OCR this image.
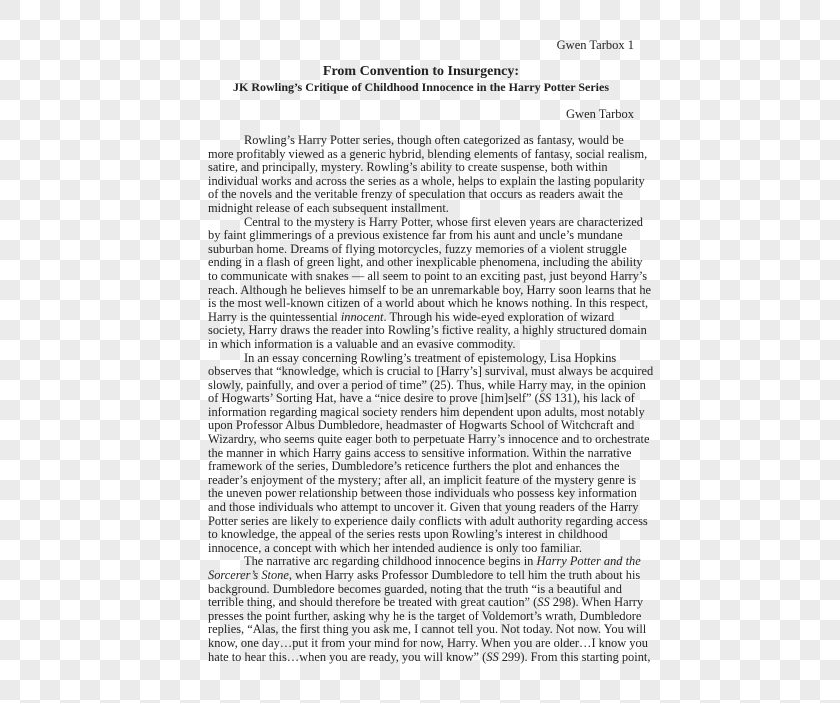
Gwen Tarbox 1
From Convention to Insurgency:
JK Rowling’s Critique of Childhood Innocence in the Harry Potter Series
Gwen Tarbox
Rowling’s Harry Potter series, though often categorized as fantasy, would be
more profitably viewed as a generic hybrid, blending elements of fantasy, social realism,
satire, and principally, mystery. Rowling’s ability to create suspense, both within
individual works and across the series as a whole, helps to explain the lasting popularity
of the novels and the veritable frenzy of speculation that occurs as readers await the
midnight release of each subsequent installment.
Central to the mystery is Harry Potter, whose first eleven years are characterized
by faint glimmerings of a previous existence far from his aunt and uncle’s mundane
suburban home. Dreams of flying motorcycles, fuzzy memories of a violent struggle
ending in a flash of green light, and other inexplicable phenomena, including the ability
to communicate with snakes — all seem to point to an exciting past, just beyond Harry’s
reach. Although he believes himself to be an unremarkable boy, Harry soon learns that he
is the most well-known citizen of a world about which he knows nothing. In this respect,
Harry is the quintessential innocent. Through his wide-eyed exploration of wizard
society, Harry draws the reader into Rowling’s fictive reality, a highly structured domain
in which information is a valuable and an evasive commodity.
In an essay concerning Rowling’s treatment of epistemology, Lisa Hopkins
observes that “knowledge, which is crucial to [Harry’s] survival, must always be acquired
slowly, painfully, and over a period of time” (25). Thus, while Harry may, in the opinion
of Hogwarts’ Sorting Hat, have a “nice desire to prove [him]self” (SS 131), his lack of
information regarding magical society renders him dependent upon adults, most notably
upon Professor Albus Dumbledore, headmaster of Hogwarts School of Witchcraft and
Wizardry, who seems quite eager both to perpetuate Harry’s innocence and to orchestrate
the manner in which Harry gains access to sensitive information. Within the narrative
framework of the series, Dumbledore’s reticence furthers the plot and enhances the
reader’s enjoyment of the mystery; after all, an implicit feature of the mystery genre is
the uneven power relationship between those individuals who possess key information
and those individuals who attempt to uncover it. Given that young readers of the Harry
Potter series are likely to experience daily conflicts with adult authority regarding access
to knowledge, the appeal of the series rests upon Rowling’s interest in childhood
innocence, a concept with which her intended audience is only too familiar.
The narrative arc regarding childhood innocence begins in Harry Potter and the
Sorcerer’s Stone, when Harry asks Professor Dumbledore to tell him the truth about his
background. Dumbledore becomes guarded, noting that the truth “is a beautiful and
terrible thing, and should therefore be treated with great caution” (SS 298). When Harry
presses the point further, asking why he is the target of Voldemort’s wrath, Dumbledore
replies, “Alas, the first thing you ask me, I cannot tell you. Not today. Not now. You will
know, one day…put it from your mind for now, Harry. When you are older…I know you
hate to hear this…when you are ready, you will know” (SS 299). From this starting point,
